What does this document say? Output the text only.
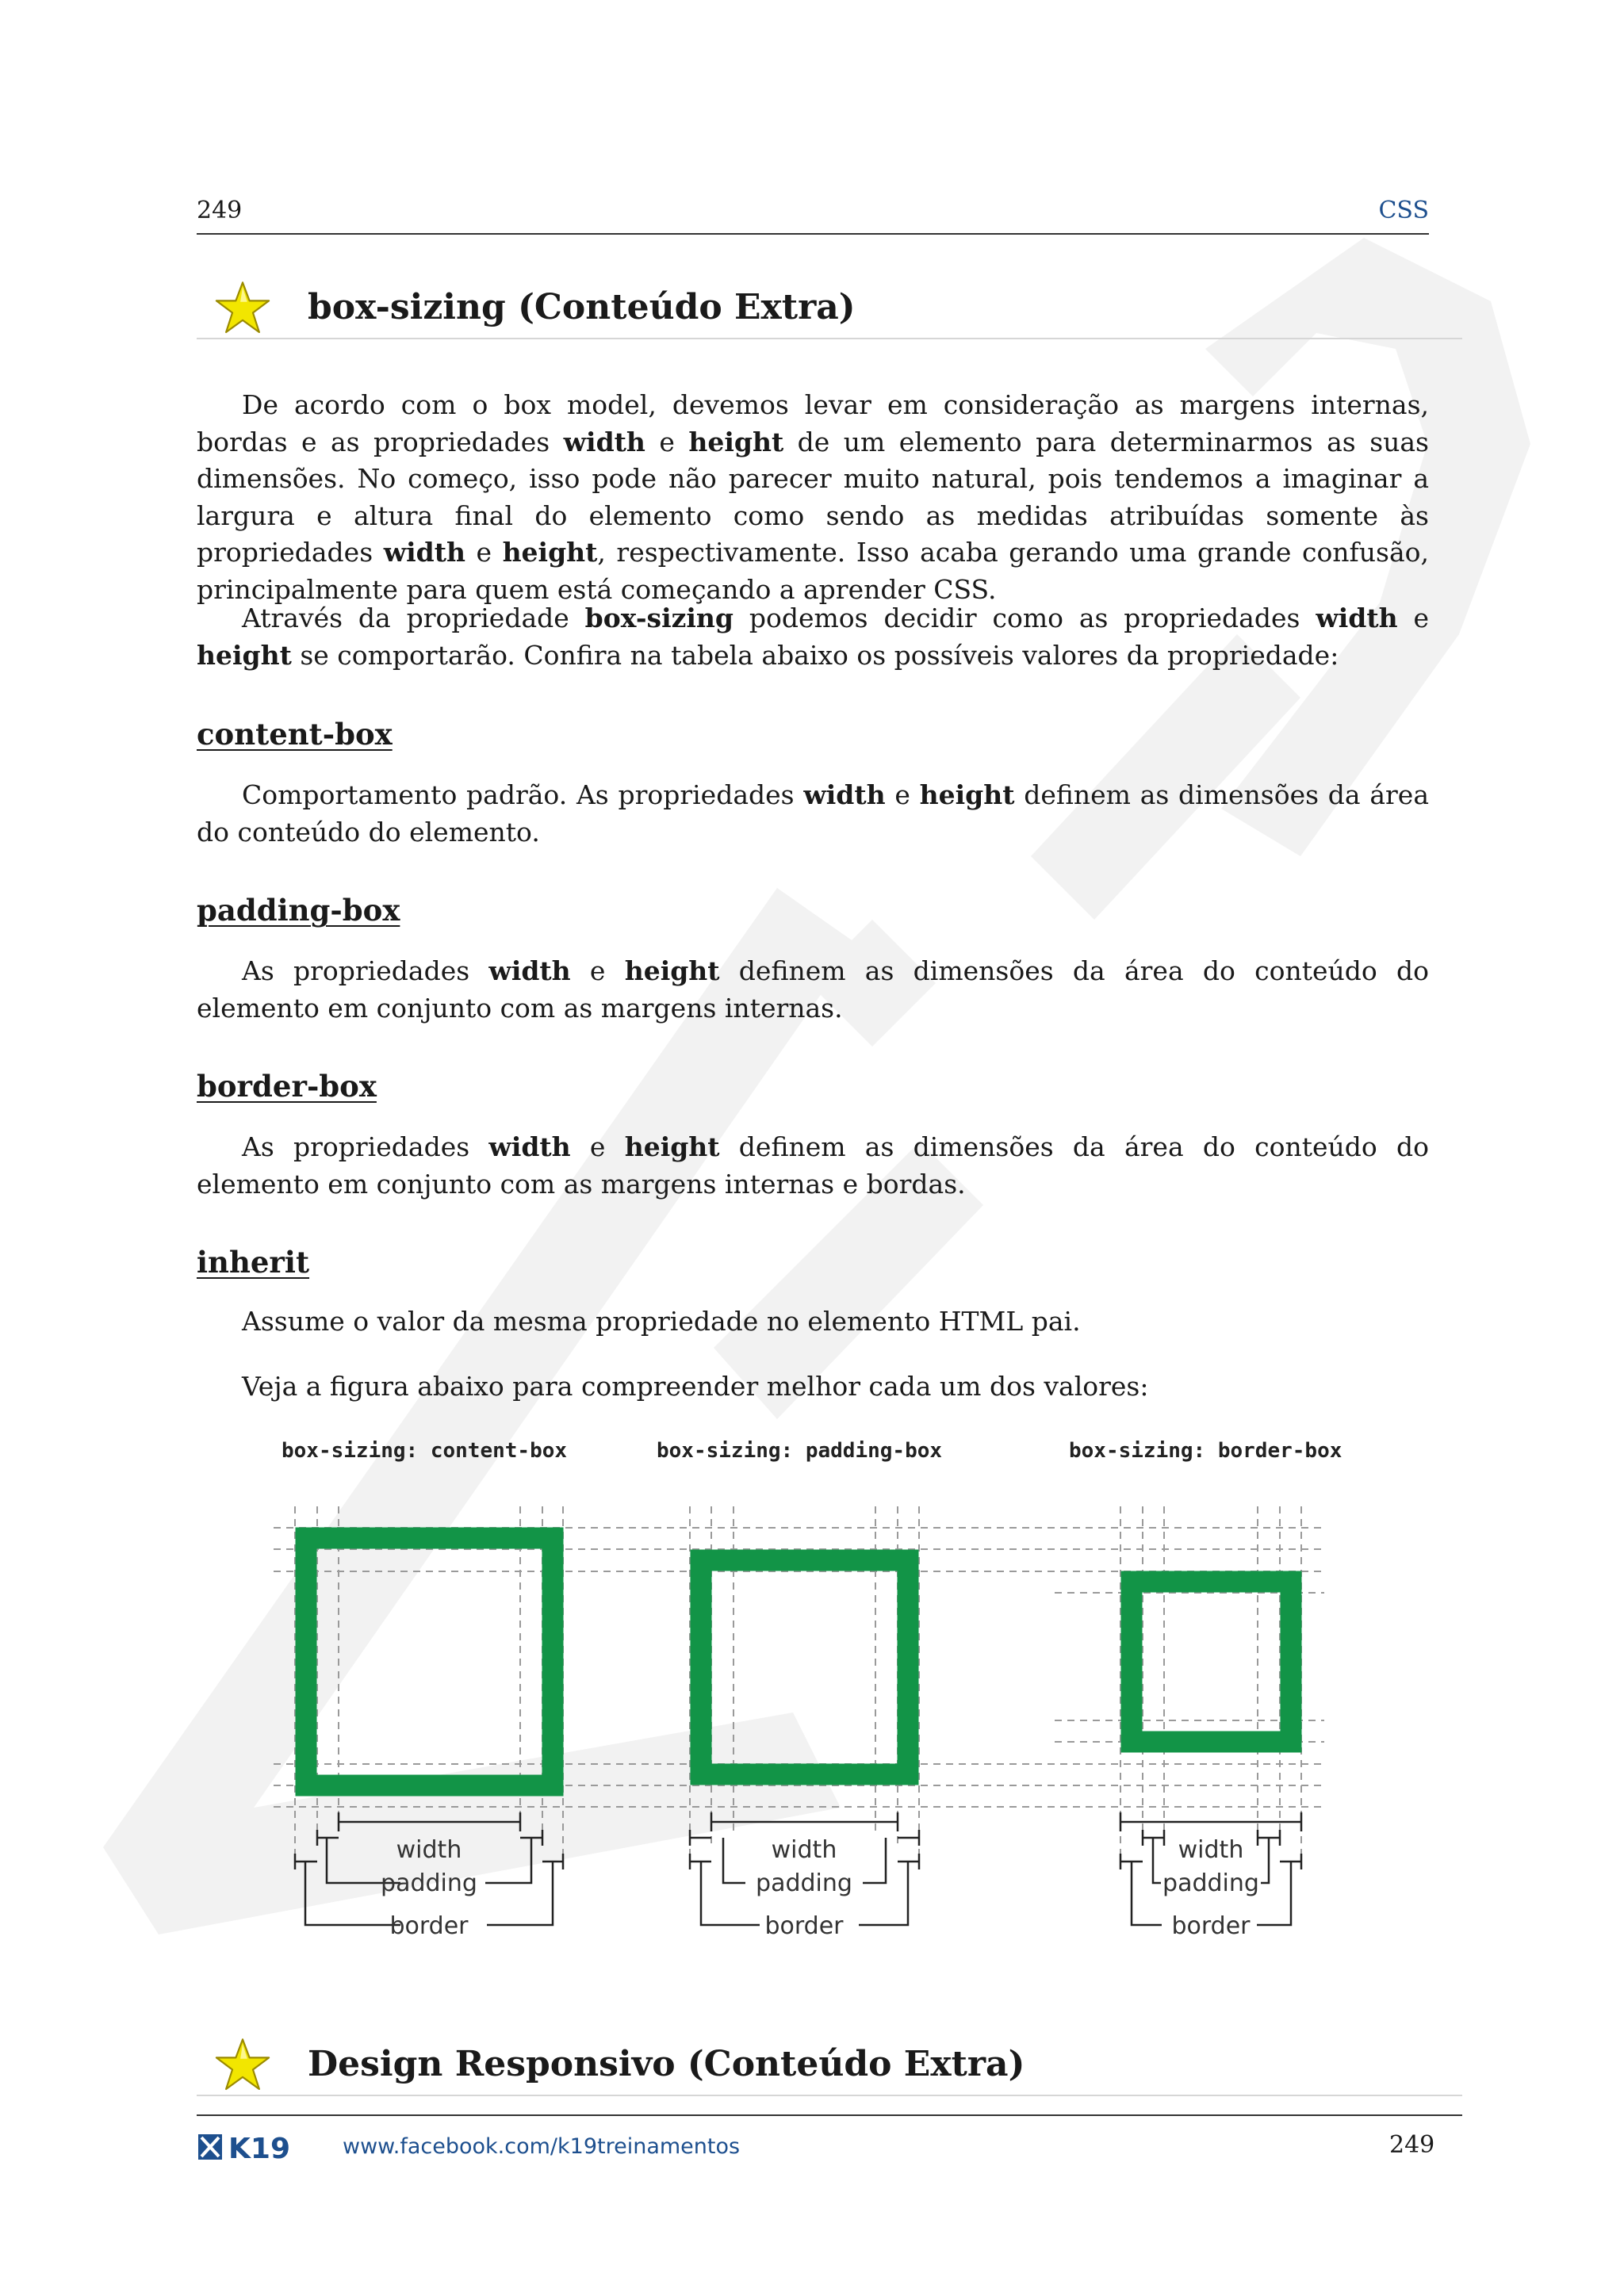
249	CSS
box-sizing (Conteúdo Extra)

De acordo com o box model, devemos levar em consideração as margens internas, bordas e as propriedades width e height de um elemento para determinarmos as suas dimensões. No começo, isso pode não parecer muito natural, pois tendemos a imaginar a largura e altura final do elemento como sendo as medidas atribuídas somente às propriedades width e height, respectivamente. Isso acaba gerando uma grande confusão, principalmente para quem está começando a aprender CSS.

Através da propriedade box-sizing podemos decidir como as propriedades width e height se comportarão. Confira na tabela abaixo os possíveis valores da propriedade:

content-box

Comportamento padrão. As propriedades width e height definem as dimensões da área do conteúdo do elemento.

padding-box

As propriedades width e height definem as dimensões da área do conteúdo do elemento em conjunto com as margens internas.

border-box

As propriedades width e height definem as dimensões da área do conteúdo do elemento em conjunto com as margens internas e bordas.

inherit

Assume o valor da mesma propriedade no elemento HTML pai.

Veja a figura abaixo para compreender melhor cada um dos valores:

box-sizing: content-box	box-sizing: padding-box	box-sizing: border-box
width
padding
border
width
padding
border
width
padding
border
Design Responsivo (Conteúdo Extra)
K19 www.facebook.com/k19treinamentos	249
